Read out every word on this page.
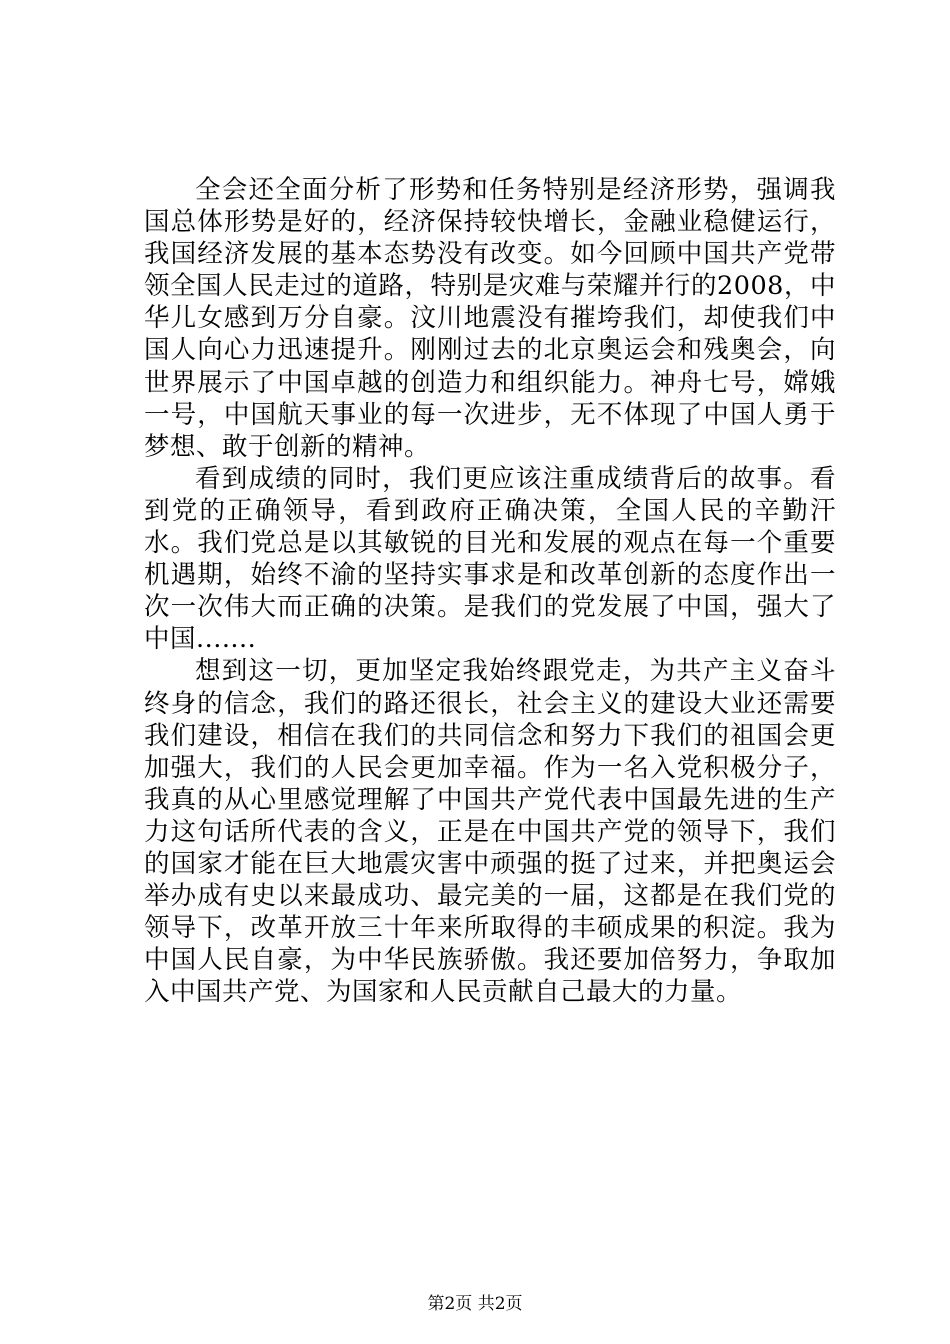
全会还全面分析了形势和任务特别是经济形势，强调我国总体形势是好的，经济保持较快增长，金融业稳健运行，我国经济发展的基本态势没有改变。如今回顾中国共产党带领全国人民走过的道路，特别是灾难与荣耀并行的2008，中华儿女感到万分自豪。汶川地震没有摧垮我们，却使我们中国人向心力迅速提升。刚刚过去的北京奥运会和残奥会，向世界展示了中国卓越的创造力和组织能力。神舟七号，嫦娥一号，中国航天事业的每一次进步，无不体现了中国人勇于梦想、敢于创新的精神。

看到成绩的同时，我们更应该注重成绩背后的故事。看到党的正确领导，看到政府正确决策，全国人民的辛勤汗水。我们党总是以其敏锐的目光和发展的观点在每一个重要机遇期，始终不渝的坚持实事求是和改革创新的态度作出一次一次伟大而正确的决策。是我们的党发展了中国，强大了中国.......

想到这一切，更加坚定我始终跟党走，为共产主义奋斗终身的信念，我们的路还很长，社会主义的建设大业还需要我们建设，相信在我们的共同信念和努力下我们的祖国会更加强大，我们的人民会更加幸福。作为一名入党积极分子，我真的从心里感觉理解了中国共产党代表中国最先进的生产力这句话所代表的含义，正是在中国共产党的领导下，我们的国家才能在巨大地震灾害中顽强的挺了过来，并把奥运会举办成有史以来最成功、最完美的一届，这都是在我们党的领导下，改革开放三十年来所取得的丰硕成果的积淀。我为中国人民自豪，为中华民族骄傲。我还要加倍努力，争取加入中国共产党、为国家和人民贡献自己最大的力量。

第2页 共2页
